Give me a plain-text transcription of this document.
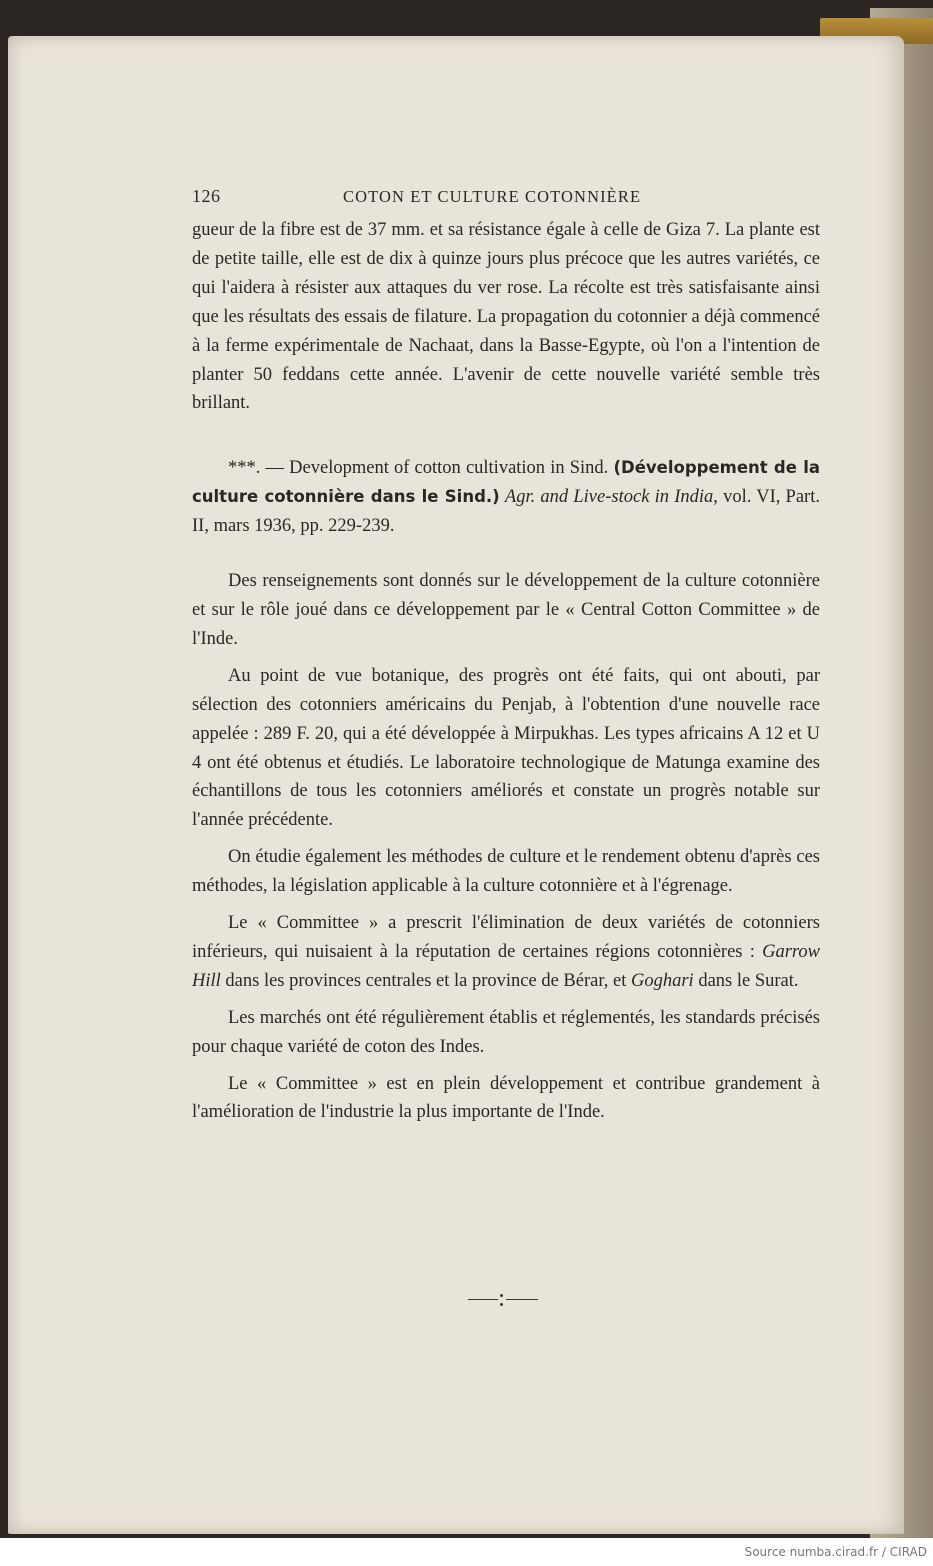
126	COTON ET CULTURE COTONNIÈRE

gueur de la fibre est de 37 mm. et sa résistance égale à celle de Giza 7. La plante est de petite taille, elle est de dix à quinze jours plus précoce que les autres variétés, ce qui l'aidera à résister aux attaques du ver rose. La récolte est très satisfaisante ainsi que les résultats des essais de filature. La propagation du cotonnier a déjà commencé à la ferme expérimentale de Nachaat, dans la Basse-Egypte, où l'on a l'intention de planter 50 feddans cette année. L'avenir de cette nouvelle variété semble très brillant.

***. — Development of cotton cultivation in Sind. (Développement de la culture cotonnière dans le Sind.) Agr. and Live-stock in India, vol. VI, Part. II, mars 1936, pp. 229-239.

Des renseignements sont donnés sur le développement de la culture cotonnière et sur le rôle joué dans ce développement par le « Central Cotton Committee » de l'Inde.

Au point de vue botanique, des progrès ont été faits, qui ont abouti, par sélection des cotonniers américains du Penjab, à l'obtention d'une nouvelle race appelée : 289 F. 20, qui a été développée à Mirpukhas. Les types africains A 12 et U 4 ont été obtenus et étudiés. Le laboratoire technologique de Matunga examine des échantillons de tous les cotonniers améliorés et constate un progrès notable sur l'année précédente.

On étudie également les méthodes de culture et le rendement obtenu d'après ces méthodes, la législation applicable à la culture cotonnière et à l'égrenage.

Le « Committee » a prescrit l'élimination de deux variétés de cotonniers inférieurs, qui nuisaient à la réputation de certaines régions cotonnières : Garrow Hill dans les provinces centrales et la province de Bérar, et Goghari dans le Surat.

Les marchés ont été régulièrement établis et réglementés, les standards précisés pour chaque variété de coton des Indes.

Le « Committee » est en plein développement et contribue grandement à l'amélioration de l'industrie la plus importante de l'Inde.

Source numba.cirad.fr / CIRAD
